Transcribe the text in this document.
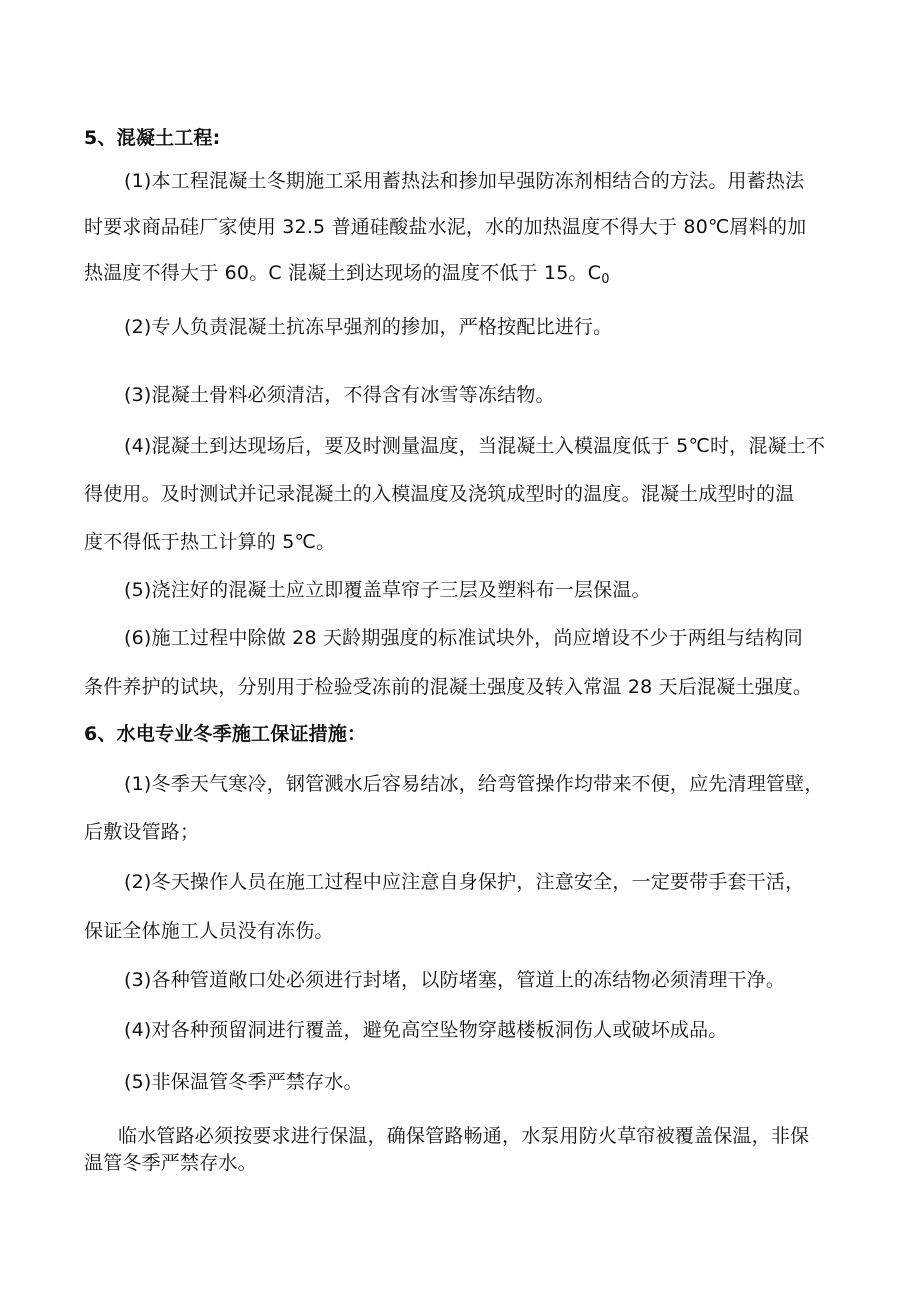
5、混凝土工程:
(1)本工程混凝土冬期施工采用蓄热法和掺加早强防冻剂相结合的方法。用蓄热法
时要求商品硅厂家使用 32.5 普通硅酸盐水泥，水的加热温度不得大于 80℃屑料的加
热温度不得大于 60。C 混凝土到达现场的温度不低于 15。$C_0$
(2)专人负责混凝土抗冻早强剂的掺加，严格按配比进行。
(3)混凝土骨料必须清洁，不得含有冰雪等冻结物。
(4)混凝土到达现场后，要及时测量温度，当混凝土入模温度低于 5℃时，混凝土不
得使用。及时测试并记录混凝土的入模温度及浇筑成型时的温度。混凝土成型时的温
度不得低于热工计算的 5℃。
(5)浇注好的混凝土应立即覆盖草帘子三层及塑料布一层保温。
(6)施工过程中除做 28 天龄期强度的标准试块外，尚应增设不少于两组与结构同
条件养护的试块，分别用于检验受冻前的混凝土强度及转入常温 28 天后混凝土强度。
6、水电专业冬季施工保证措施：
(1)冬季天气寒冷，钢管溅水后容易结冰，给弯管操作均带来不便，应先清理管壁，
后敷设管路；
(2)冬天操作人员在施工过程中应注意自身保护，注意安全，一定要带手套干活，
保证全体施工人员没有冻伤。
(3)各种管道敞口处必须进行封堵，以防堵塞，管道上的冻结物必须清理干净。
(4)对各种预留洞进行覆盖，避免高空坠物穿越楼板洞伤人或破坏成品。
(5)非保温管冬季严禁存水。
临水管路必须按要求进行保温，确保管路畅通，水泵用防火草帘被覆盖保温，非保
温管冬季严禁存水。
